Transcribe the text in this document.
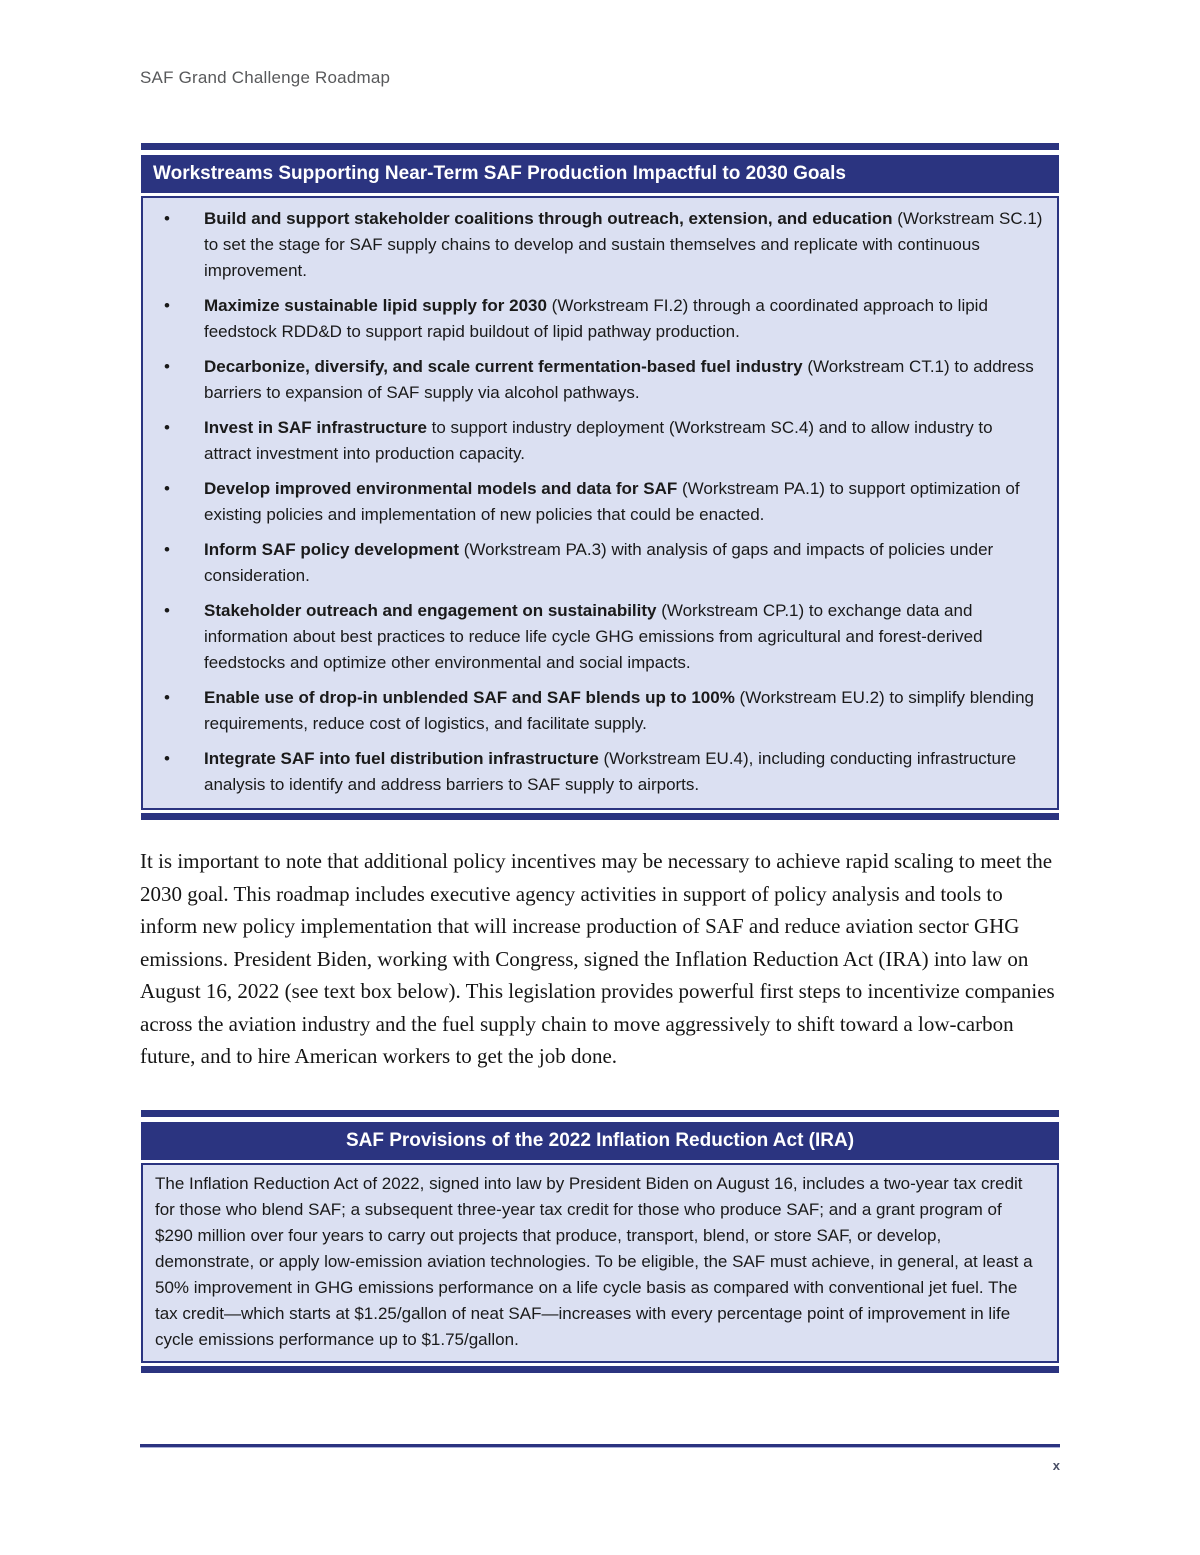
SAF Grand Challenge Roadmap
Workstreams Supporting Near-Term SAF Production Impactful to 2030 Goals
• Build and support stakeholder coalitions through outreach, extension, and education (Workstream SC.1) to set the stage for SAF supply chains to develop and sustain themselves and replicate with continuous improvement.
• Maximize sustainable lipid supply for 2030 (Workstream FI.2) through a coordinated approach to lipid feedstock RDD&D to support rapid buildout of lipid pathway production.
• Decarbonize, diversify, and scale current fermentation-based fuel industry (Workstream CT.1) to address barriers to expansion of SAF supply via alcohol pathways.
• Invest in SAF infrastructure to support industry deployment (Workstream SC.4) and to allow industry to attract investment into production capacity.
• Develop improved environmental models and data for SAF (Workstream PA.1) to support optimization of existing policies and implementation of new policies that could be enacted.
• Inform SAF policy development (Workstream PA.3) with analysis of gaps and impacts of policies under consideration.
• Stakeholder outreach and engagement on sustainability (Workstream CP.1) to exchange data and information about best practices to reduce life cycle GHG emissions from agricultural and forest-derived feedstocks and optimize other environmental and social impacts.
• Enable use of drop-in unblended SAF and SAF blends up to 100% (Workstream EU.2) to simplify blending requirements, reduce cost of logistics, and facilitate supply.
• Integrate SAF into fuel distribution infrastructure (Workstream EU.4), including conducting infrastructure analysis to identify and address barriers to SAF supply to airports.

It is important to note that additional policy incentives may be necessary to achieve rapid scaling to meet the 2030 goal. This roadmap includes executive agency activities in support of policy analysis and tools to inform new policy implementation that will increase production of SAF and reduce aviation sector GHG emissions. President Biden, working with Congress, signed the Inflation Reduction Act (IRA) into law on August 16, 2022 (see text box below). This legislation provides powerful first steps to incentivize companies across the aviation industry and the fuel supply chain to move aggressively to shift toward a low-carbon future, and to hire American workers to get the job done.

SAF Provisions of the 2022 Inflation Reduction Act (IRA)
The Inflation Reduction Act of 2022, signed into law by President Biden on August 16, includes a two-year tax credit for those who blend SAF; a subsequent three-year tax credit for those who produce SAF; and a grant program of $290 million over four years to carry out projects that produce, transport, blend, or store SAF, or develop, demonstrate, or apply low-emission aviation technologies. To be eligible, the SAF must achieve, in general, at least a 50% improvement in GHG emissions performance on a life cycle basis as compared with conventional jet fuel. The tax credit—which starts at $1.25/gallon of neat SAF—increases with every percentage point of improvement in life cycle emissions performance up to $1.75/gallon.
x
